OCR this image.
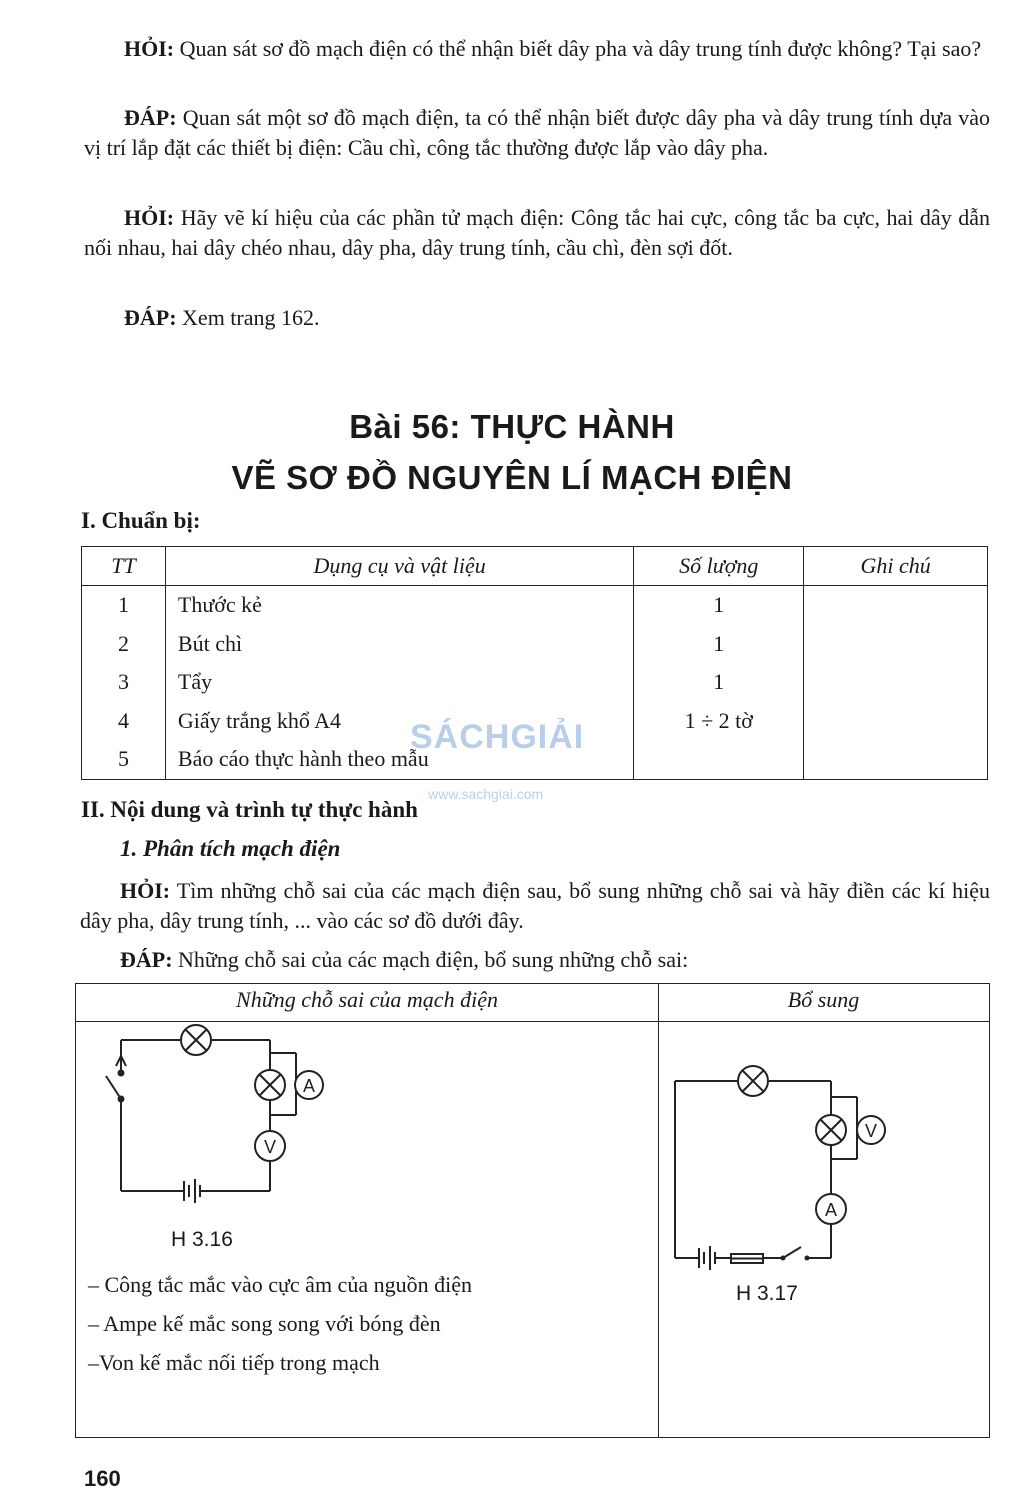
HỎI: Quan sát sơ đồ mạch điện có thể nhận biết dây pha và dây trung tính được không? Tại sao?

ĐÁP: Quan sát một sơ đồ mạch điện, ta có thể nhận biết được dây pha và dây trung tính dựa vào vị trí lắp đặt các thiết bị điện: Cầu chì, công tắc thường được lắp vào dây pha.

HỎI: Hãy vẽ kí hiệu của các phần tử mạch điện: Công tắc hai cực, công tắc ba cực, hai dây dẫn nối nhau, hai dây chéo nhau, dây pha, dây trung tính, cầu chì, đèn sợi đốt.

ĐÁP: Xem trang 162.

Bài 56: THỰC HÀNH
VẼ SƠ ĐỒ NGUYÊN LÍ MẠCH ĐIỆN
I. Chuẩn bị:
TT	Dụng cụ và vật liệu	Số lượng	Ghi chú
1	Thước kẻ	1	
2	Bút chì	1	
3	Tẩy	1	
4	Giấy trắng khổ A4	1 ÷ 2 tờ	
5	Báo cáo thực hành theo mẫu		
SÁCHGIẢI
www.sachgiai.com
II. Nội dung và trình tự thực hành
1. Phân tích mạch điện

HỎI: Tìm những chỗ sai của các mạch điện sau, bổ sung những chỗ sai và hãy điền các kí hiệu dây pha, dây trung tính, ... vào các sơ đồ dưới đây.

ĐÁP: Những chỗ sai của các mạch điện, bổ sung những chỗ sai:

Những chỗ sai của mạch điện	Bổ sung
A
V
H 3.16
V
A
H 3.17

– Công tắc mắc vào cực âm của nguồn điện

– Ampe kế mắc song song với bóng đèn

–Von kế mắc nối tiếp trong mạch

160
